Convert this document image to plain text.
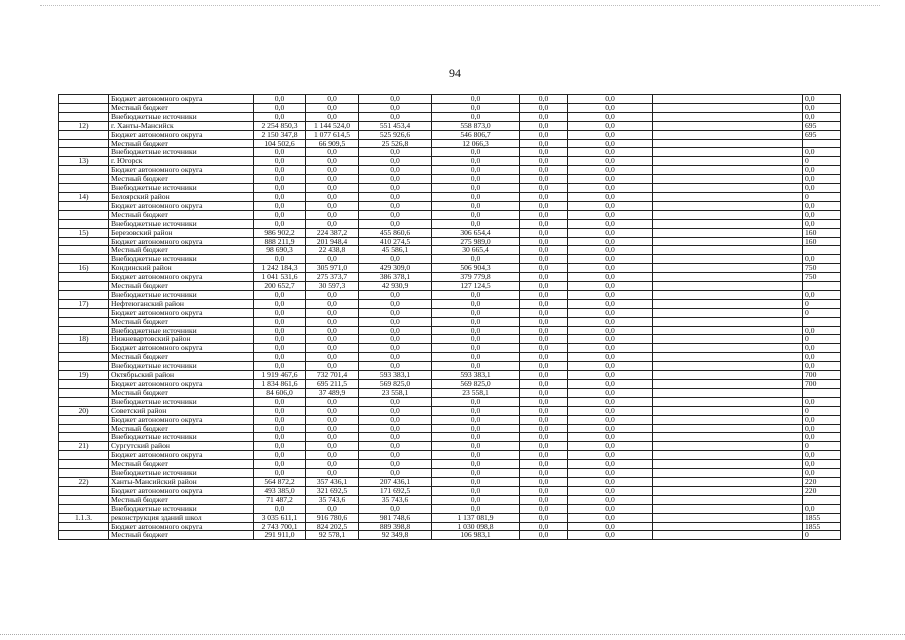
94
	Бюджет автономного округа	0,0	0,0	0,0	0,0	0,0	0,0		0,0
	Местный бюджет	0,0	0,0	0,0	0,0	0,0	0,0		0,0
	Внебюджетные источники	0,0	0,0	0,0	0,0	0,0	0,0		0,0
12)	г. Ханты-Мансийск	2 254 850,3	1 144 524,0	551 453,4	558 873,0	0,0	0,0		695
	Бюджет автономного округа	2 150 347,8	1 077 614,5	525 926,6	546 806,7	0,0	0,0		695
	Местный бюджет	104 502,6	66 909,5	25 526,8	12 066,3	0,0	0,0		
	Внебюджетные источники	0,0	0,0	0,0	0,0	0,0	0,0		0,0
13)	г. Югорск	0,0	0,0	0,0	0,0	0,0	0,0		0
	Бюджет автономного округа	0,0	0,0	0,0	0,0	0,0	0,0		0,0
	Местный бюджет	0,0	0,0	0,0	0,0	0,0	0,0		0,0
	Внебюджетные источники	0,0	0,0	0,0	0,0	0,0	0,0		0,0
14)	Белоярский район	0,0	0,0	0,0	0,0	0,0	0,0		0
	Бюджет автономного округа	0,0	0,0	0,0	0,0	0,0	0,0		0,0
	Местный бюджет	0,0	0,0	0,0	0,0	0,0	0,0		0,0
	Внебюджетные источники	0,0	0,0	0,0	0,0	0,0	0,0		0,0
15)	Березовский район	986 902,2	224 387,2	455 860,6	306 654,4	0,0	0,0		160
	Бюджет автономного округа	888 211,9	201 948,4	410 274,5	275 989,0	0,0	0,0		160
	Местный бюджет	98 690,3	22 438,8	45 586,1	30 665,4	0,0	0,0		
	Внебюджетные источники	0,0	0,0	0,0	0,0	0,0	0,0		0,0
16)	Кондинский район	1 242 184,3	305 971,0	429 309,0	506 904,3	0,0	0,0		750
	Бюджет автономного округа	1 041 531,6	275 373,7	386 378,1	379 779,8	0,0	0,0		750
	Местный бюджет	200 652,7	30 597,3	42 930,9	127 124,5	0,0	0,0		
	Внебюджетные источники	0,0	0,0	0,0	0,0	0,0	0,0		0,0
17)	Нефтеюганский район	0,0	0,0	0,0	0,0	0,0	0,0		0
	Бюджет автономного округа	0,0	0,0	0,0	0,0	0,0	0,0		0
	Местный бюджет	0,0	0,0	0,0	0,0	0,0	0,0		
	Внебюджетные источники	0,0	0,0	0,0	0,0	0,0	0,0		0,0
18)	Нижневартовский район	0,0	0,0	0,0	0,0	0,0	0,0		0
	Бюджет автономного округа	0,0	0,0	0,0	0,0	0,0	0,0		0,0
	Местный бюджет	0,0	0,0	0,0	0,0	0,0	0,0		0,0
	Внебюджетные источники	0,0	0,0	0,0	0,0	0,0	0,0		0,0
19)	Октябрьский район	1 919 467,6	732 701,4	593 383,1	593 383,1	0,0	0,0		700
	Бюджет автономного округа	1 834 861,6	695 211,5	569 825,0	569 825,0	0,0	0,0		700
	Местный бюджет	84 606,0	37 489,9	23 558,1	23 558,1	0,0	0,0		
	Внебюджетные источники	0,0	0,0	0,0	0,0	0,0	0,0		0,0
20)	Советский район	0,0	0,0	0,0	0,0	0,0	0,0		0
	Бюджет автономного округа	0,0	0,0	0,0	0,0	0,0	0,0		0,0
	Местный бюджет	0,0	0,0	0,0	0,0	0,0	0,0		0,0
	Внебюджетные источники	0,0	0,0	0,0	0,0	0,0	0,0		0,0
21)	Сургутский район	0,0	0,0	0,0	0,0	0,0	0,0		0
	Бюджет автономного округа	0,0	0,0	0,0	0,0	0,0	0,0		0,0
	Местный бюджет	0,0	0,0	0,0	0,0	0,0	0,0		0,0
	Внебюджетные источники	0,0	0,0	0,0	0,0	0,0	0,0		0,0
22)	Ханты-Мансийский район	564 872,2	357 436,1	207 436,1	0,0	0,0	0,0		220
	Бюджет автономного округа	493 385,0	321 692,5	171 692,5	0,0	0,0	0,0		220
	Местный бюджет	71 487,2	35 743,6	35 743,6	0,0	0,0	0,0		
	Внебюджетные источники	0,0	0,0	0,0	0,0	0,0	0,0		0,0
1.1.3.	реконструкция зданий школ	3 035 611,1	916 780,6	981 748,6	1 137 081,9	0,0	0,0		1855
	Бюджет автономного округа	2 743 700,1	824 202,5	889 398,8	1 030 098,8	0,0	0,0		1855
	Местный бюджет	291 911,0	92 578,1	92 349,8	106 983,1	0,0	0,0		0
